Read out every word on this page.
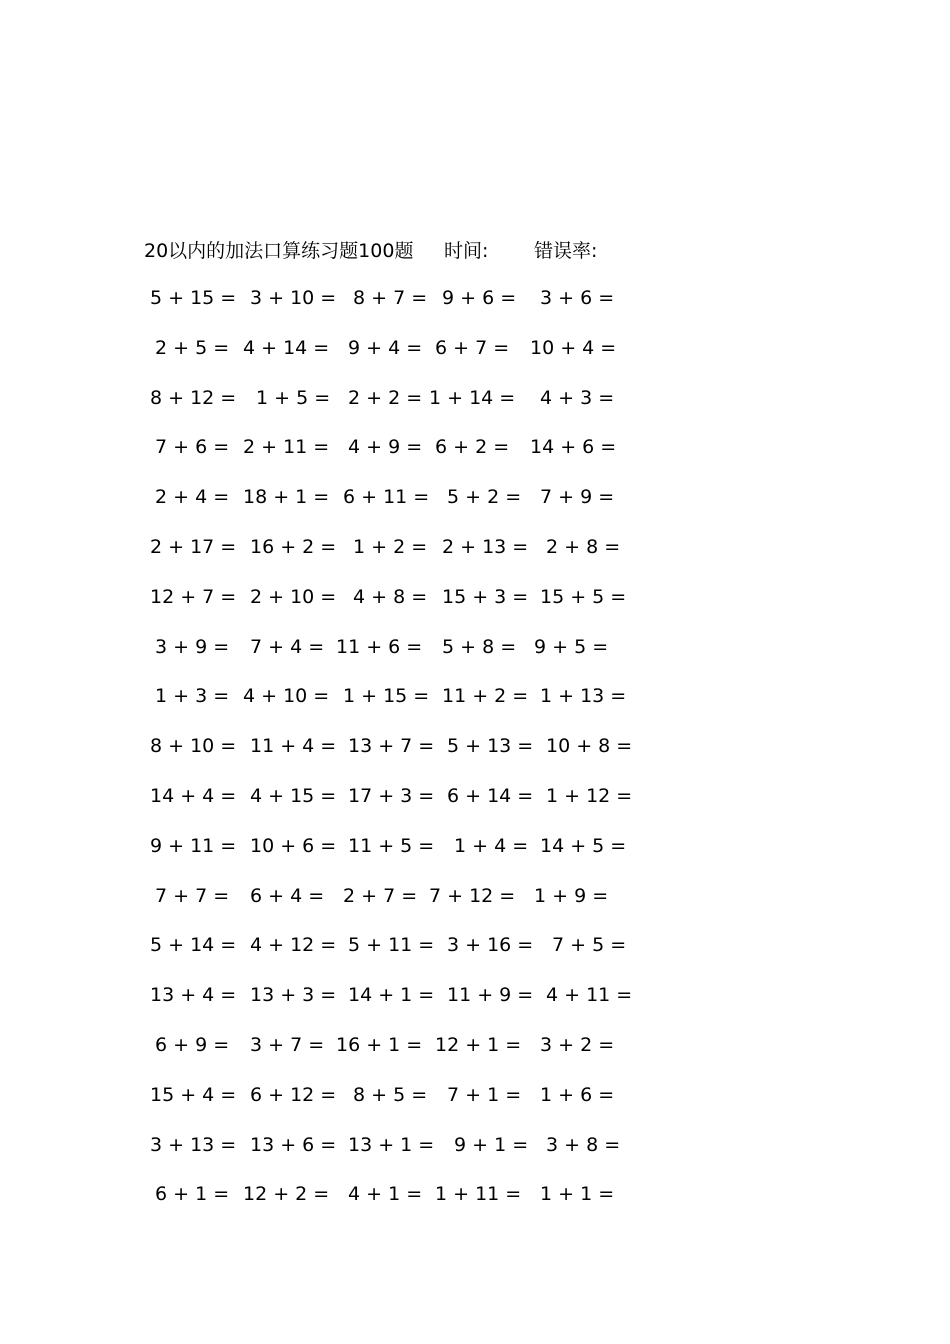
20以内的加法口算练习题100题 时间: 错误率:
5 + 15 = 3 + 10 = 8 + 7 = 9 + 6 = 3 + 6 =
2 + 5 = 4 + 14 = 9 + 4 = 6 + 7 = 10 + 4 =
8 + 12 = 1 + 5 = 2 + 2 = 1 + 14 = 4 + 3 =
7 + 6 = 2 + 11 = 4 + 9 = 6 + 2 = 14 + 6 =
2 + 4 = 18 + 1 = 6 + 11 = 5 + 2 = 7 + 9 =
2 + 17 = 16 + 2 = 1 + 2 = 2 + 13 = 2 + 8 =
12 + 7 = 2 + 10 = 4 + 8 = 15 + 3 = 15 + 5 =
3 + 9 = 7 + 4 = 11 + 6 = 5 + 8 = 9 + 5 =
1 + 3 = 4 + 10 = 1 + 15 = 11 + 2 = 1 + 13 =
8 + 10 = 11 + 4 = 13 + 7 = 5 + 13 = 10 + 8 =
14 + 4 = 4 + 15 = 17 + 3 = 6 + 14 = 1 + 12 =
9 + 11 = 10 + 6 = 11 + 5 = 1 + 4 = 14 + 5 =
7 + 7 = 6 + 4 = 2 + 7 = 7 + 12 = 1 + 9 =
5 + 14 = 4 + 12 = 5 + 11 = 3 + 16 = 7 + 5 =
13 + 4 = 13 + 3 = 14 + 1 = 11 + 9 = 4 + 11 =
6 + 9 = 3 + 7 = 16 + 1 = 12 + 1 = 3 + 2 =
15 + 4 = 6 + 12 = 8 + 5 = 7 + 1 = 1 + 6 =
3 + 13 = 13 + 6 = 13 + 1 = 9 + 1 = 3 + 8 =
6 + 1 = 12 + 2 = 4 + 1 = 1 + 11 = 1 + 1 =
